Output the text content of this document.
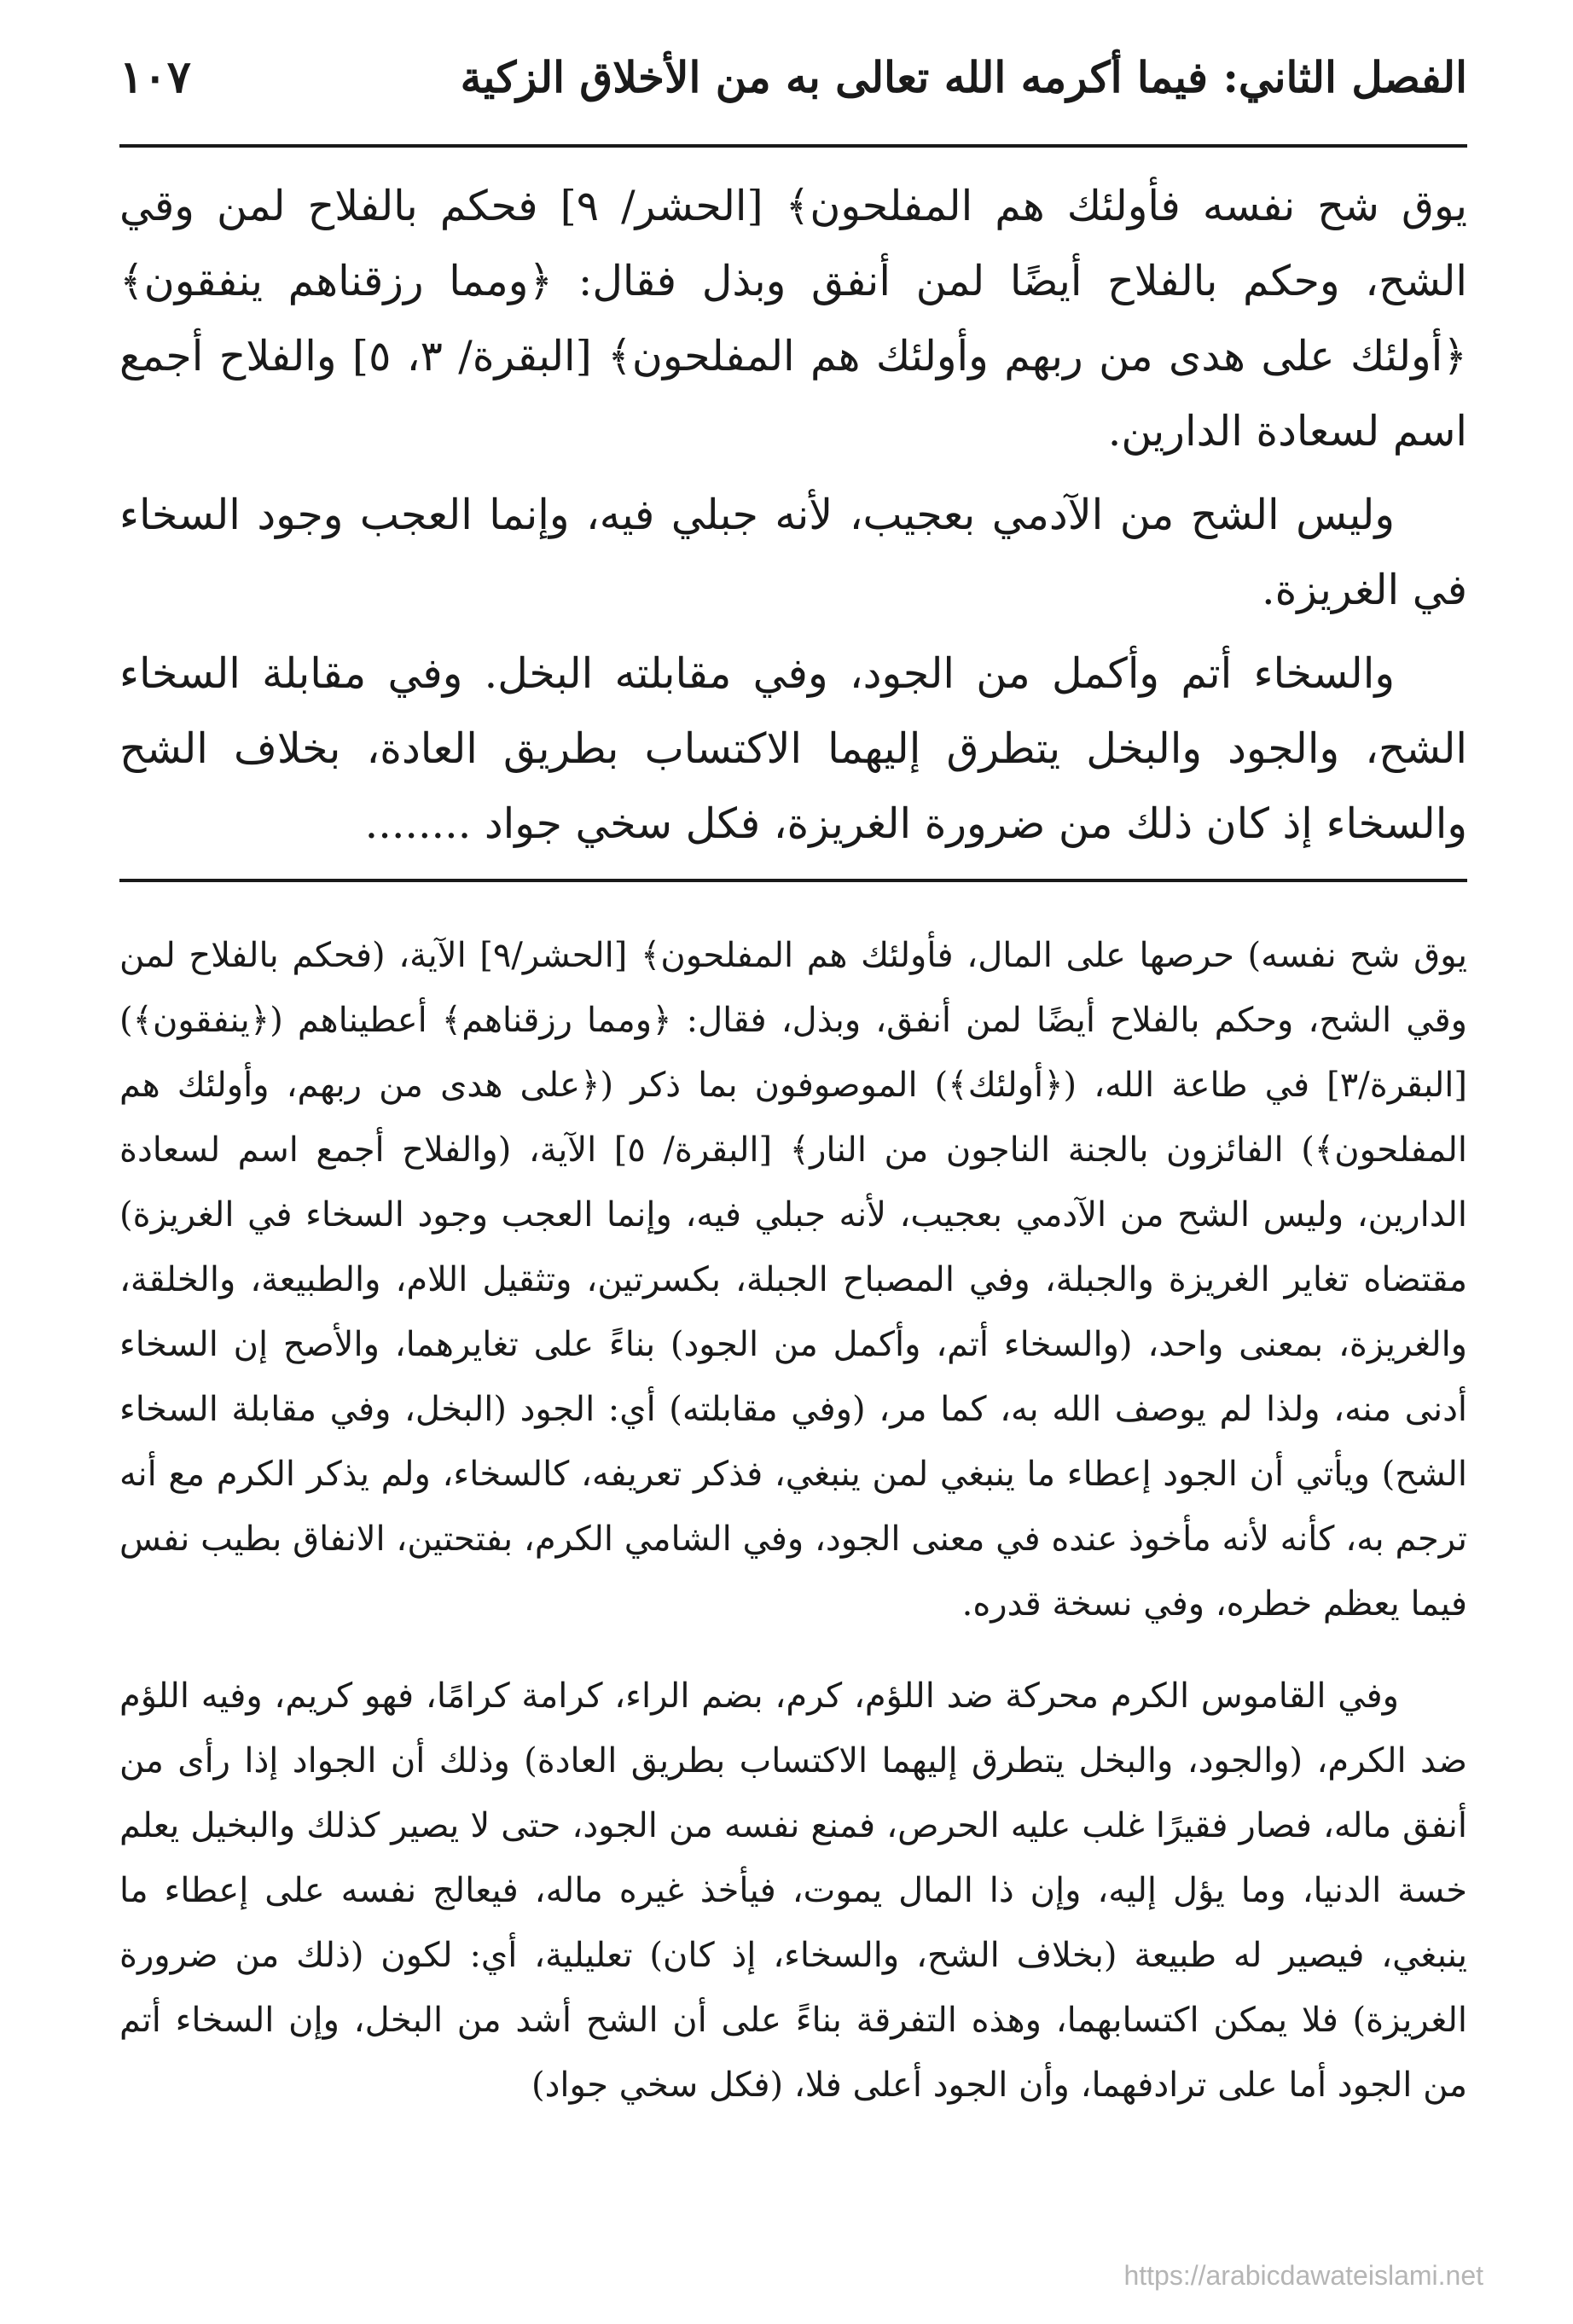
الفصل الثاني: فيما أكرمه الله تعالى به من الأخلاق الزكية
١٠٧

يوق شح نفسه فأولئك هم المفلحون﴾ [الحشر/ ٩] فحكم بالفلاح لمن وقي الشح، وحكم بالفلاح أيضًا لمن أنفق وبذل فقال: ﴿ومما رزقناهم ينفقون﴾ ﴿أولئك على هدى من ربهم وأولئك هم المفلحون﴾ [البقرة/ ٣، ٥] والفلاح أجمع اسم لسعادة الدارين.

وليس الشح من الآدمي بعجيب، لأنه جبلي فيه، وإنما العجب وجود السخاء في الغريزة.

والسخاء أتم وأكمل من الجود، وفي مقابلته البخل. وفي مقابلة السخاء الشح، والجود والبخل يتطرق إليهما الاكتساب بطريق العادة، بخلاف الشح والسخاء إذ كان ذلك من ضرورة الغريزة، فكل سخي جواد ........

يوق شح نفسه) حرصها على المال، فأولئك هم المفلحون﴾ [الحشر/٩] الآية، (فحكم بالفلاح لمن وقي الشح، وحكم بالفلاح أيضًا لمن أنفق، وبذل، فقال: ﴿ومما رزقناهم﴾ أعطيناهم (﴿ينفقون﴾) [البقرة/٣] في طاعة الله، (﴿أولئك﴾) الموصوفون بما ذكر (﴿على هدى من ربهم، وأولئك هم المفلحون﴾) الفائزون بالجنة الناجون من النار﴾ [البقرة/ ٥] الآية، (والفلاح أجمع اسم لسعادة الدارين، وليس الشح من الآدمي بعجيب، لأنه جبلي فيه، وإنما العجب وجود السخاء في الغريزة) مقتضاه تغاير الغريزة والجبلة، وفي المصباح الجبلة، بكسرتين، وتثقيل اللام، والطبيعة، والخلقة، والغريزة، بمعنى واحد، (والسخاء أتم، وأكمل من الجود) بناءً على تغايرهما، والأصح إن السخاء أدنى منه، ولذا لم يوصف الله به، كما مر، (وفي مقابلته) أي: الجود (البخل، وفي مقابلة السخاء الشح) ويأتي أن الجود إعطاء ما ينبغي لمن ينبغي، فذكر تعريفه، كالسخاء، ولم يذكر الكرم مع أنه ترجم به، كأنه لأنه مأخوذ عنده في معنى الجود، وفي الشامي الكرم، بفتحتين، الانفاق بطيب نفس فيما يعظم خطره، وفي نسخة قدره.

وفي القاموس الكرم محركة ضد اللؤم، كرم، بضم الراء، كرامة كرامًا، فهو كريم، وفيه اللؤم ضد الكرم، (والجود، والبخل يتطرق إليهما الاكتساب بطريق العادة) وذلك أن الجواد إذا رأى من أنفق ماله، فصار فقيرًا غلب عليه الحرص، فمنع نفسه من الجود، حتى لا يصير كذلك والبخيل يعلم خسة الدنيا، وما يؤل إليه، وإن ذا المال يموت، فيأخذ غيره ماله، فيعالج نفسه على إعطاء ما ينبغي، فيصير له طبيعة (بخلاف الشح، والسخاء، إذ كان) تعليلية، أي: لكون (ذلك من ضرورة الغريزة) فلا يمكن اكتسابهما، وهذه التفرقة بناءً على أن الشح أشد من البخل، وإن السخاء أتم من الجود أما على ترادفهما، وأن الجود أعلى فلا، (فكل سخي جواد)

https://arabicdawateislami.net
